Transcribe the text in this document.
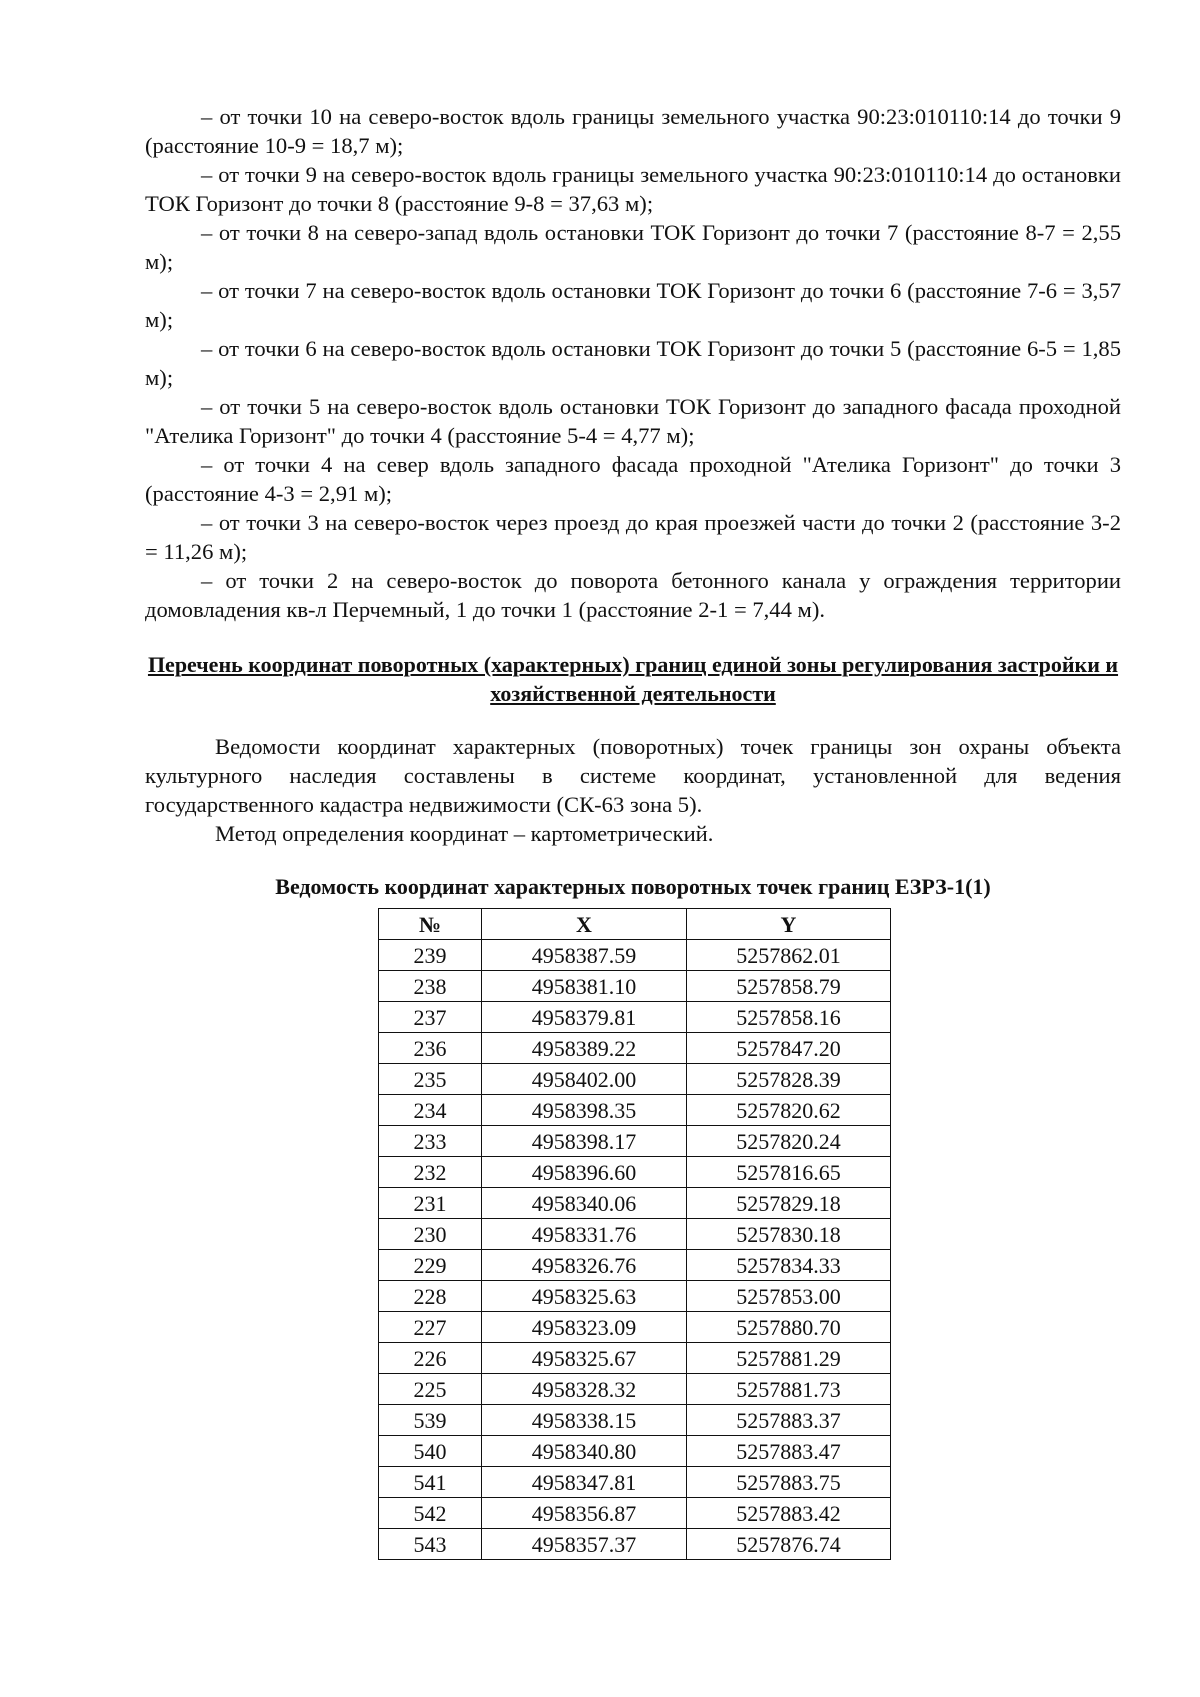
– от точки 10 на северо-восток вдоль границы земельного участка 90:23:010110:14 до точки 9 (расстояние 10-9 = 18,7 м);

– от точки 9 на северо-восток вдоль границы земельного участка 90:23:010110:14 до остановки ТОК Горизонт до точки 8 (расстояние 9-8 = 37,63 м);

– от точки 8 на северо-запад вдоль остановки ТОК Горизонт до точки 7 (расстояние 8-7 = 2,55 м);

– от точки 7 на северо-восток вдоль остановки ТОК Горизонт до точки 6 (расстояние 7-6 = 3,57 м);

– от точки 6 на северо-восток вдоль остановки ТОК Горизонт до точки 5 (расстояние 6-5 = 1,85 м);

– от точки 5 на северо-восток вдоль остановки ТОК Горизонт до западного фасада проходной "Ателика Горизонт" до точки 4 (расстояние 5-4 = 4,77 м);

– от точки 4 на север вдоль западного фасада проходной "Ателика Горизонт" до точки 3 (расстояние 4-3 = 2,91 м);

– от точки 3 на северо-восток через проезд до края проезжей части до точки 2 (расстояние 3-2 = 11,26 м);

– от точки 2 на северо-восток до поворота бетонного канала у ограждения территории домовладения кв-л Перчемный, 1 до точки 1 (расстояние 2-1 = 7,44 м).

Перечень координат поворотных (характерных) границ единой зоны регулирования застройки и хозяйственной деятельности

Ведомости координат характерных (поворотных) точек границы зон охраны объекта культурного наследия составлены в системе координат, установленной для ведения государственного кадастра недвижимости (СК-63 зона 5).

Метод определения координат – картометрический.

Ведомость координат характерных поворотных точек границ ЕЗРЗ-1(1)
№	X	Y
239	4958387.59	5257862.01
238	4958381.10	5257858.79
237	4958379.81	5257858.16
236	4958389.22	5257847.20
235	4958402.00	5257828.39
234	4958398.35	5257820.62
233	4958398.17	5257820.24
232	4958396.60	5257816.65
231	4958340.06	5257829.18
230	4958331.76	5257830.18
229	4958326.76	5257834.33
228	4958325.63	5257853.00
227	4958323.09	5257880.70
226	4958325.67	5257881.29
225	4958328.32	5257881.73
539	4958338.15	5257883.37
540	4958340.80	5257883.47
541	4958347.81	5257883.75
542	4958356.87	5257883.42
543	4958357.37	5257876.74
